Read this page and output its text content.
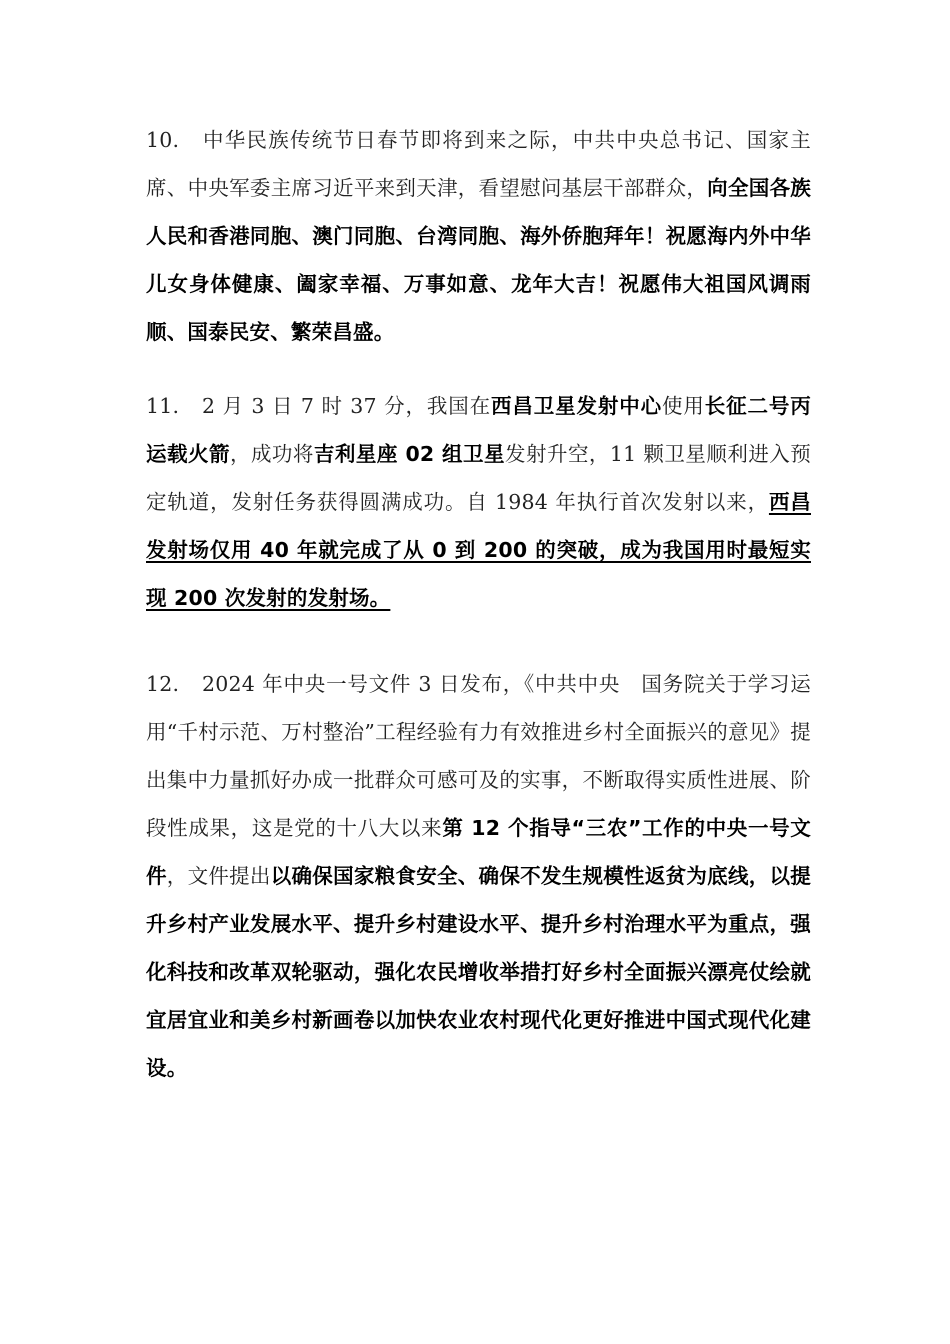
10. 中华民族传统节日春节即将到来之际，中共中央总书记、国家主席、中央军委主席习近平来到天津，看望慰问基层干部群众，向全国各族人民和香港同胞、澳门同胞、台湾同胞、海外侨胞拜年！祝愿海内外中华儿女身体健康、阖家幸福、万事如意、龙年大吉！祝愿伟大祖国风调雨顺、国泰民安、繁荣昌盛。

11. 2 月 3 日 7 时 37 分，我国在西昌卫星发射中心使用长征二号丙运载火箭，成功将吉利星座 02 组卫星发射升空，11 颗卫星顺利进入预定轨道，发射任务获得圆满成功。自 1984 年执行首次发射以来，西昌发射场仅用 40 年就完成了从 0 到 200 的突破，成为我国用时最短实现 200 次发射的发射场。

12. 2024 年中央一号文件 3 日发布，《中共中央　国务院关于学习运用“千村示范、万村整治”工程经验有力有效推进乡村全面振兴的意见》提出集中力量抓好办成一批群众可感可及的实事，不断取得实质性进展、阶段性成果，这是党的十八大以来第 12 个指导“三农”工作的中央一号文件，文件提出以确保国家粮食安全、确保不发生规模性返贫为底线，以提升乡村产业发展水平、提升乡村建设水平、提升乡村治理水平为重点，强化科技和改革双轮驱动，强化农民增收举措打好乡村全面振兴漂亮仗绘就宜居宜业和美乡村新画卷以加快农业农村现代化更好推进中国式现代化建设。
